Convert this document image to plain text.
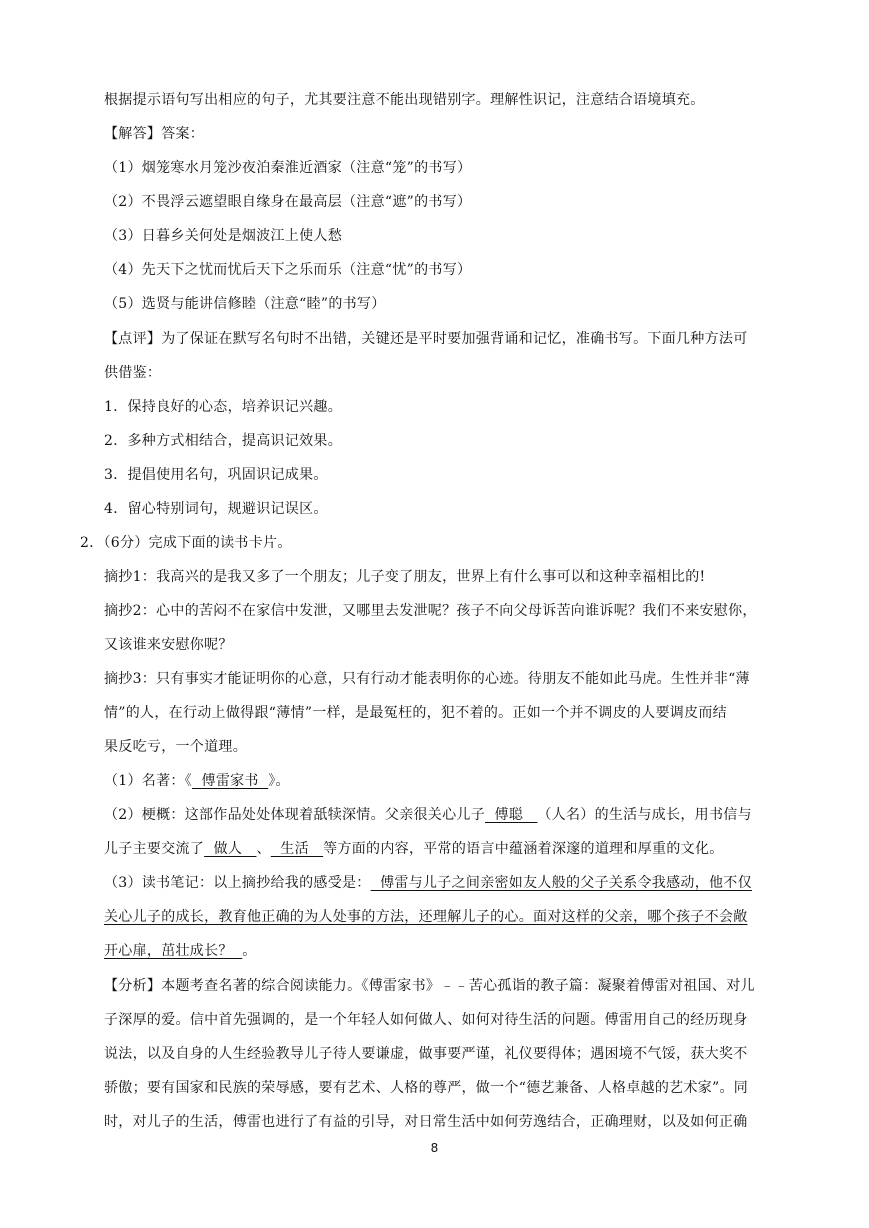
根据提示语句写出相应的句子，尤其要注意不能出现错别字。理解性识记，注意结合语境填充。
【解答】答案：
（1）烟笼寒水月笼沙夜泊秦淮近酒家（注意“笼”的书写）
（2）不畏浮云遮望眼自缘身在最高层（注意“遮”的书写）
（3）日暮乡关何处是烟波江上使人愁
（4）先天下之忧而忧后天下之乐而乐（注意“忧”的书写）
（5）选贤与能讲信修睦（注意“睦”的书写）
【点评】为了保证在默写名句时不出错，关键还是平时要加强背诵和记忆，准确书写。下面几种方法可
供借鉴：
1．保持良好的心态，培养识记兴趣。
2．多种方式相结合，提高识记效果。
3．提倡使用名句，巩固识记成果。
4．留心特别词句，规避识记误区。
2．（6分）完成下面的读书卡片。
摘抄1：我高兴的是我又多了一个朋友；儿子变了朋友，世界上有什么事可以和这种幸福相比的!
摘抄2：心中的苦闷不在家信中发泄，又哪里去发泄呢？孩子不向父母诉苦向谁诉呢？我们不来安慰你，
又该谁来安慰你呢？
摘抄3：只有事实才能证明你的心意，只有行动才能表明你的心迹。待朋友不能如此马虎。生性并非“薄
情”的人，在行动上做得跟“薄情”一样，是最冤枉的，犯不着的。正如一个并不调皮的人要调皮而结
果反吃亏，一个道理。
（1）名著：《  傅雷家书  》。
（2）梗概：这部作品处处体现着舐犊深情。父亲很关心儿子  傅聪   （人名）的生活与成长，用书信与
儿子主要交流了  做人   、  生活   等方面的内容，平常的语言中蕴涵着深邃的道理和厚重的文化。
（3）读书笔记：以上摘抄给我的感受是：  傅雷与儿子之间亲密如友人般的父子关系令我感动，他不仅
关心儿子的成长，教育他正确的为人处事的方法，还理解儿子的心。面对这样的父亲，哪个孩子不会敞
开心扉，茁壮成长？  。
【分析】本题考查名著的综合阅读能力。《傅雷家书》﹣﹣苦心孤诣的教子篇：凝聚着傅雷对祖国、对儿
子深厚的爱。信中首先强调的，是一个年轻人如何做人、如何对待生活的问题。傅雷用自己的经历现身
说法，以及自身的人生经验教导儿子待人要谦虚，做事要严谨，礼仪要得体；遇困境不气馁，获大奖不
骄傲；要有国家和民族的荣辱感，要有艺术、人格的尊严，做一个“德艺兼备、人格卓越的艺术家”。同
时，对儿子的生活，傅雷也进行了有益的引导，对日常生活中如何劳逸结合，正确理财，以及如何正确
8
